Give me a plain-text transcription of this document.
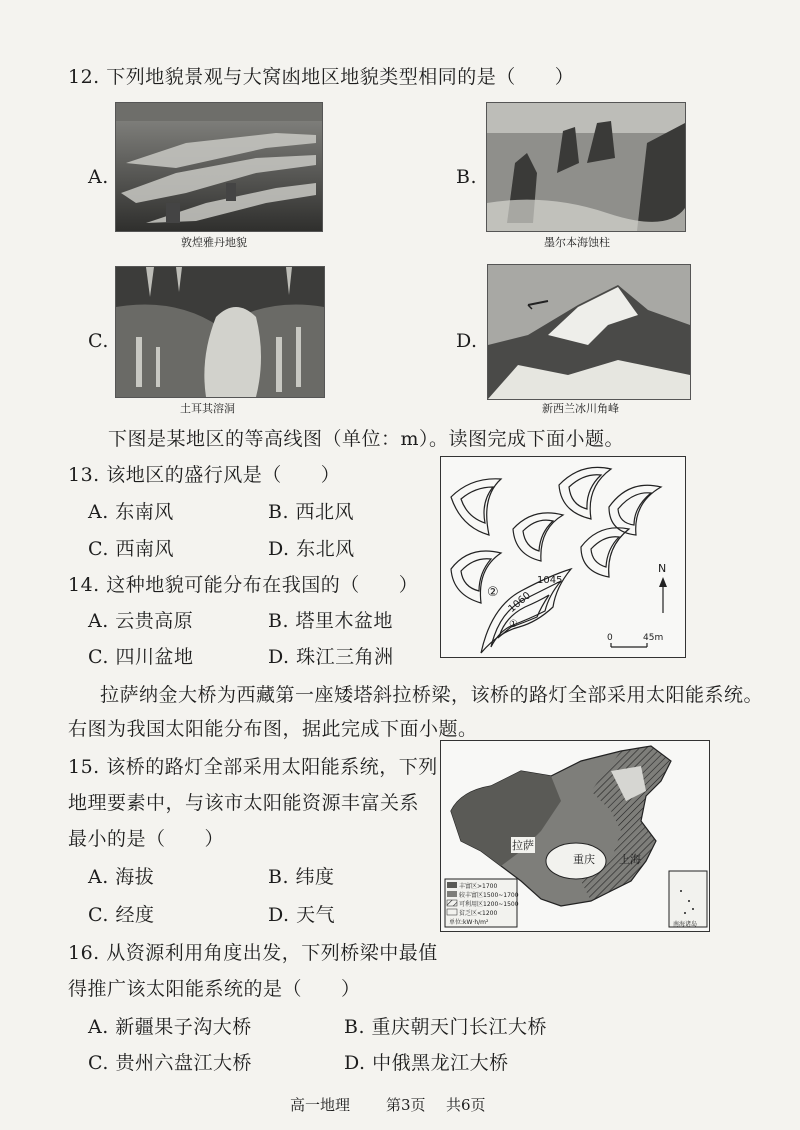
12. 下列地貌景观与大窝凼地区地貌类型相同的是（　　）
A.
敦煌雅丹地貌
B.
墨尔本海蚀柱
C.
土耳其溶洞
D.
新西兰冰川角峰
下图是某地区的等高线图（单位：m）。读图完成下面小题。
13. 该地区的盛行风是（　　）
A. 东南风	B. 西北风
C. 西南风	D. 东北风
14. 这种地貌可能分布在我国的（　　）
A. 云贵高原	B. 塔里木盆地
C. 四川盆地	D. 珠江三角洲
② 1060
1045
①
N
0	45m
拉萨纳金大桥为西藏第一座矮塔斜拉桥梁，该桥的路灯全部采用太阳能系统。
右图为我国太阳能分布图，据此完成下面小题。
15. 该桥的路灯全部采用太阳能系统，下列
地理要素中，与该市太阳能资源丰富关系
最小的是（　　）
A. 海拔	B. 纬度
C. 经度	D. 天气
拉萨
重庆 上海
丰富区>1700
较丰富区1500~1700
可利用区1200~1500
贫乏区<1200
单位:kW·h/m²	南海诸岛
16. 从资源利用角度出发，下列桥梁中最值
得推广该太阳能系统的是（　　）
A. 新疆果子沟大桥	B. 重庆朝天门长江大桥
C. 贵州六盘江大桥	D. 中俄黑龙江大桥
高一地理 第3页 共6页
